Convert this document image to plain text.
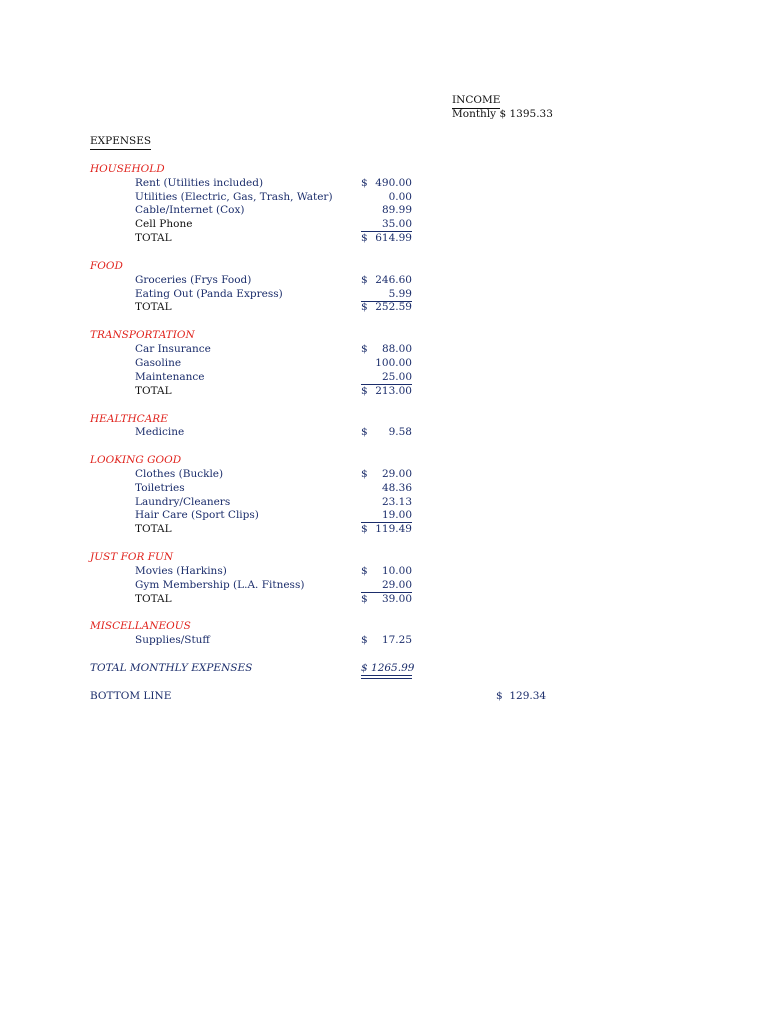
INCOME
Monthly $ 1395.33
EXPENSES
HOUSEHOLD
Rent (Utilities included)	$ 490.00
Utilities (Electric, Gas, Trash, Water)	0.00
Cable/Internet (Cox)	89.99
Cell Phone	35.00
TOTAL	$ 614.99
FOOD
Groceries (Frys Food)	$ 246.60
Eating Out (Panda Express)	5.99
TOTAL	$ 252.59
TRANSPORTATION
Car Insurance	$	88.00
Gasoline	100.00
Maintenance	25.00
TOTAL	$ 213.00
HEALTHCARE
Medicine	$	9.58
LOOKING GOOD
Clothes (Buckle)	$	29.00
Toiletries	48.36
Laundry/Cleaners	23.13
Hair Care (Sport Clips)	19.00
TOTAL	$ 119.49
JUST FOR FUN
Movies (Harkins)	$	10.00
Gym Membership (L.A. Fitness)	29.00
TOTAL	$	39.00
MISCELLANEOUS
Supplies/Stuff	$	17.25
TOTAL MONTHLY EXPENSES	$ 1265.99
BOTTOM LINE	$  129.34
